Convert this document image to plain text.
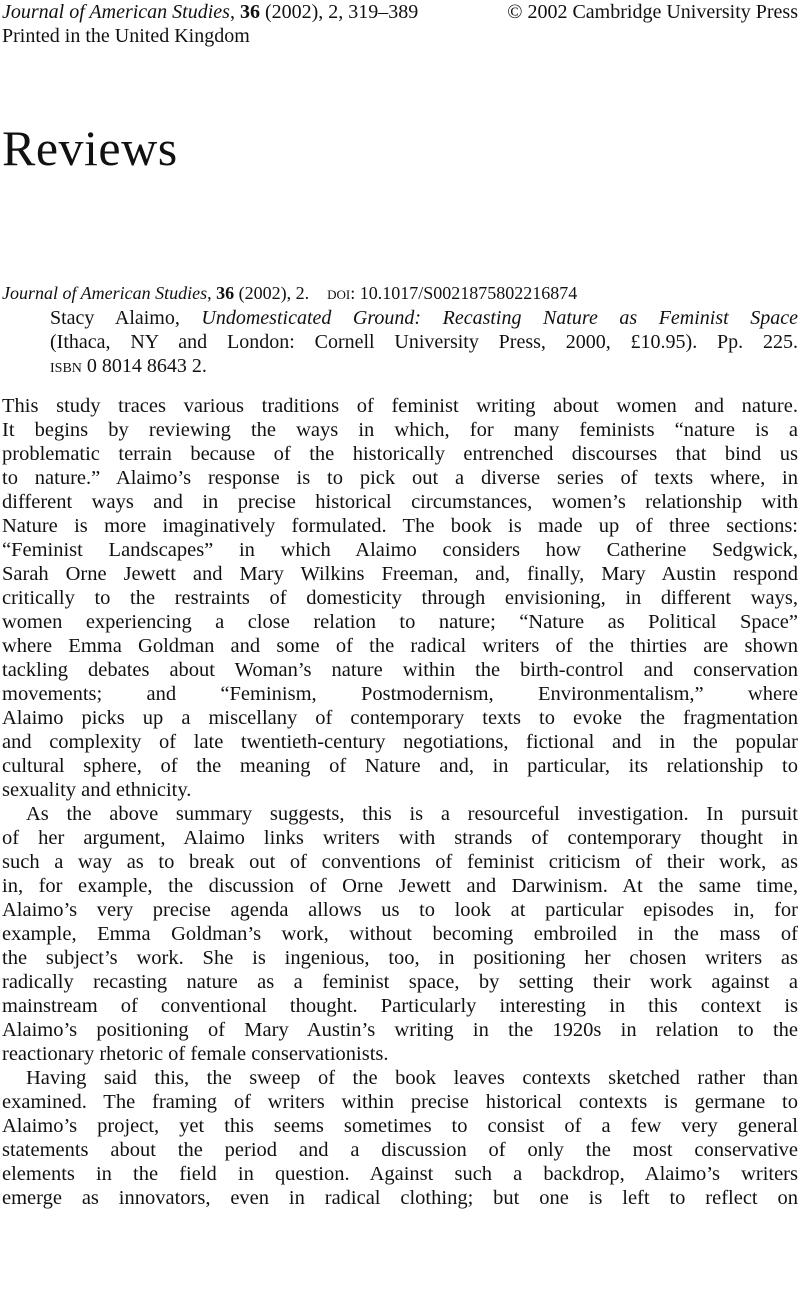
Journal of American Studies, 36 (2002), 2, 319–389	© 2002 Cambridge University Press
Printed in the United Kingdom
Reviews
Journal of American Studies, 36 (2002), 2. doi: 10.1017/S0021875802216874
Stacy Alaimo, Undomesticated Ground: Recasting Nature as Feminist Space
(Ithaca, NY and London: Cornell University Press, 2000, £10.95). Pp. 225.
isbn 0 8014 8643 2.
This study traces various traditions of feminist writing about women and nature.
It begins by reviewing the ways in which, for many feminists “nature is a
problematic terrain because of the historically entrenched discourses that bind us
to nature.” Alaimo’s response is to pick out a diverse series of texts where, in
different ways and in precise historical circumstances, women’s relationship with
Nature is more imaginatively formulated. The book is made up of three sections:
“Feminist Landscapes” in which Alaimo considers how Catherine Sedgwick,
Sarah Orne Jewett and Mary Wilkins Freeman, and, finally, Mary Austin respond
critically to the restraints of domesticity through envisioning, in different ways,
women experiencing a close relation to nature; “Nature as Political Space”
where Emma Goldman and some of the radical writers of the thirties are shown
tackling debates about Woman’s nature within the birth-control and conservation
movements; and “Feminism, Postmodernism, Environmentalism,” where
Alaimo picks up a miscellany of contemporary texts to evoke the fragmentation
and complexity of late twentieth-century negotiations, fictional and in the popular
cultural sphere, of the meaning of Nature and, in particular, its relationship to
sexuality and ethnicity.
As the above summary suggests, this is a resourceful investigation. In pursuit
of her argument, Alaimo links writers with strands of contemporary thought in
such a way as to break out of conventions of feminist criticism of their work, as
in, for example, the discussion of Orne Jewett and Darwinism. At the same time,
Alaimo’s very precise agenda allows us to look at particular episodes in, for
example, Emma Goldman’s work, without becoming embroiled in the mass of
the subject’s work. She is ingenious, too, in positioning her chosen writers as
radically recasting nature as a feminist space, by setting their work against a
mainstream of conventional thought. Particularly interesting in this context is
Alaimo’s positioning of Mary Austin’s writing in the 1920s in relation to the
reactionary rhetoric of female conservationists.
Having said this, the sweep of the book leaves contexts sketched rather than
examined. The framing of writers within precise historical contexts is germane to
Alaimo’s project, yet this seems sometimes to consist of a few very general
statements about the period and a discussion of only the most conservative
elements in the field in question. Against such a backdrop, Alaimo’s writers
emerge as innovators, even in radical clothing; but one is left to reflect on
